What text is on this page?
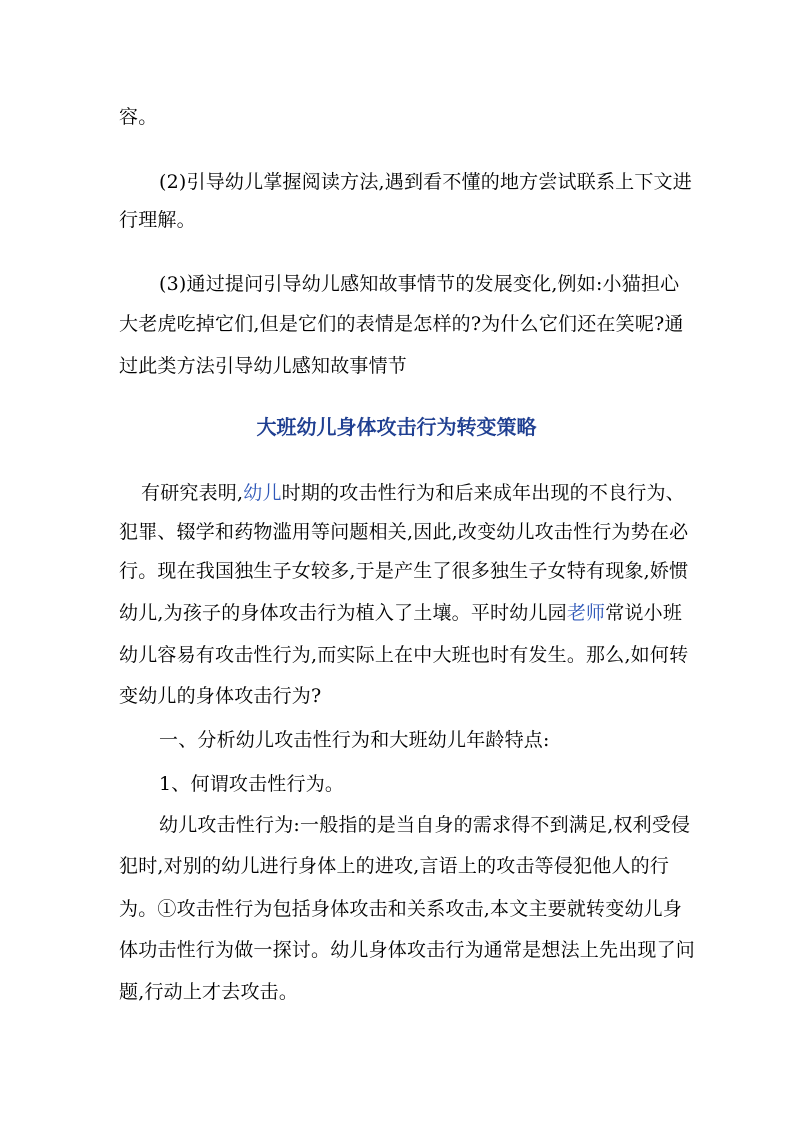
容。
(2)引导幼儿掌握阅读方法,遇到看不懂的地方尝试联系上下文进
行理解。
(3)通过提问引导幼儿感知故事情节的发展变化,例如:小猫担心
大老虎吃掉它们,但是它们的表情是怎样的?为什么它们还在笑呢?通
过此类方法引导幼儿感知故事情节
大班幼儿身体攻击行为转变策略
有研究表明,幼儿时期的攻击性行为和后来成年出现的不良行为、
犯罪、辍学和药物滥用等问题相关,因此,改变幼儿攻击性行为势在必
行。现在我国独生子女较多,于是产生了很多独生子女特有现象,娇惯
幼儿,为孩子的身体攻击行为植入了土壤。平时幼儿园老师常说小班
幼儿容易有攻击性行为,而实际上在中大班也时有发生。那么,如何转
变幼儿的身体攻击行为?
一、分析幼儿攻击性行为和大班幼儿年龄特点:
1、何谓攻击性行为。
幼儿攻击性行为:一般指的是当自身的需求得不到满足,权利受侵
犯时,对别的幼儿进行身体上的进攻,言语上的攻击等侵犯他人的行
为。①攻击性行为包括身体攻击和关系攻击,本文主要就转变幼儿身
体功击性行为做一探讨。幼儿身体攻击行为通常是想法上先出现了问
题,行动上才去攻击。
